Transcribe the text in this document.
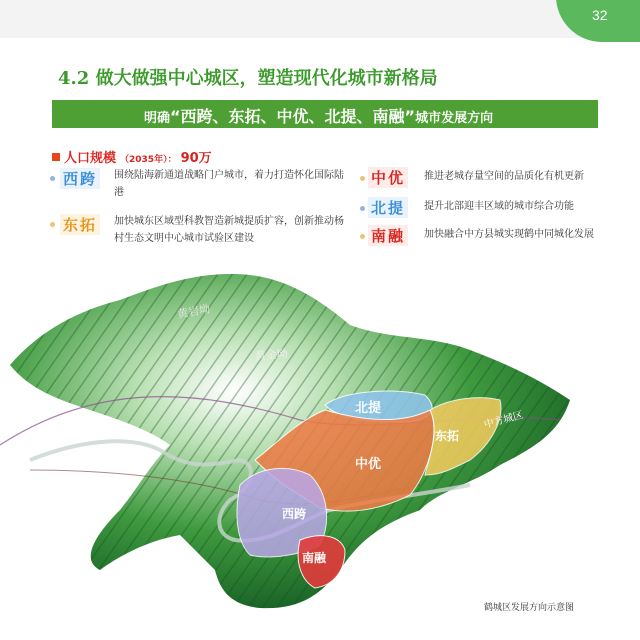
32
4.2 做大做强中心城区，塑造现代化城市新格局
明确“西跨、东拓、中优、北提、南融”城市发展方向
人口规模 （2035年）： 90万
西跨	围绕陆海新通道战略门户城市，着力打造怀化国际陆港
东拓	加快城东区域型科教智造新城提质扩容，创新推动杨村生态文明中心城市试验区建设
中优	推进老城存量空间的品质化有机更新
北提	提升北部迎丰区域的城市综合功能
南融	加快融合中方县城实现鹤中同城化发展
黄岩坳
黄金坳
中方城区
北提
东拓
中优
西跨
南融
鹤城区发展方向示意图
